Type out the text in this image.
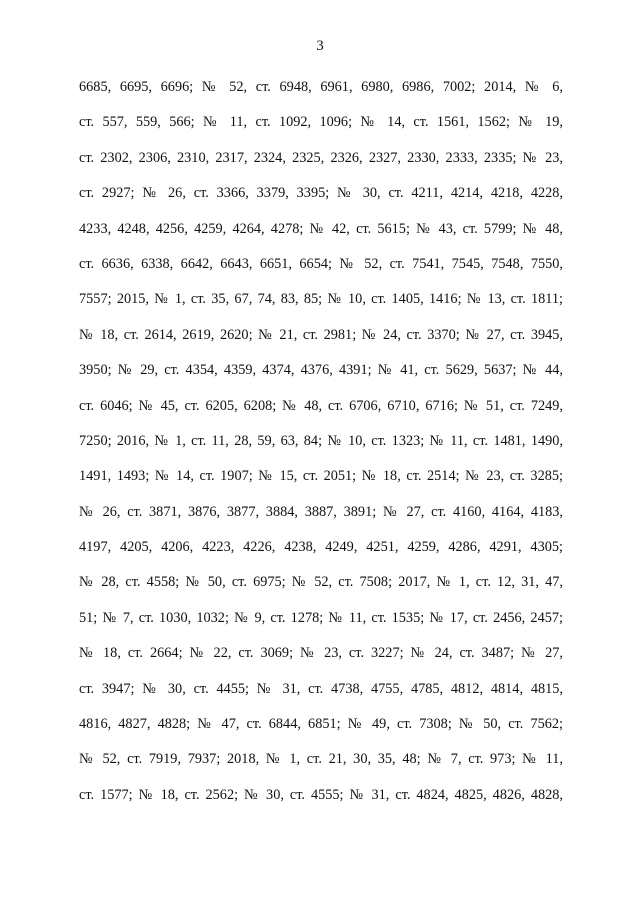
3
6685, 6695, 6696; № 52, ст. 6948, 6961, 6980, 6986, 7002; 2014, № 6,
ст. 557, 559, 566; № 11, ст. 1092, 1096; № 14, ст. 1561, 1562; № 19,
ст. 2302, 2306, 2310, 2317, 2324, 2325, 2326, 2327, 2330, 2333, 2335; № 23,
ст. 2927; № 26, ст. 3366, 3379, 3395; № 30, ст. 4211, 4214, 4218, 4228,
4233, 4248, 4256, 4259, 4264, 4278; № 42, ст. 5615; № 43, ст. 5799; № 48,
ст. 6636, 6338, 6642, 6643, 6651, 6654; № 52, ст. 7541, 7545, 7548, 7550,
7557; 2015, № 1, ст. 35, 67, 74, 83, 85; № 10, ст. 1405, 1416; № 13, ст. 1811;
№ 18, ст. 2614, 2619, 2620; № 21, ст. 2981; № 24, ст. 3370; № 27, ст. 3945,
3950; № 29, ст. 4354, 4359, 4374, 4376, 4391; № 41, ст. 5629, 5637; № 44,
ст. 6046; № 45, ст. 6205, 6208; № 48, ст. 6706, 6710, 6716; № 51, ст. 7249,
7250; 2016, № 1, ст. 11, 28, 59, 63, 84; № 10, ст. 1323; № 11, ст. 1481, 1490,
1491, 1493; № 14, ст. 1907; № 15, ст. 2051; № 18, ст. 2514; № 23, ст. 3285;
№ 26, ст. 3871, 3876, 3877, 3884, 3887, 3891; № 27, ст. 4160, 4164, 4183,
4197, 4205, 4206, 4223, 4226, 4238, 4249, 4251, 4259, 4286, 4291, 4305;
№ 28, ст. 4558; № 50, ст. 6975; № 52, ст. 7508; 2017, № 1, ст. 12, 31, 47,
51; № 7, ст. 1030, 1032; № 9, ст. 1278; № 11, ст. 1535; № 17, ст. 2456, 2457;
№ 18, ст. 2664; № 22, ст. 3069; № 23, ст. 3227; № 24, ст. 3487; № 27,
ст. 3947; № 30, ст. 4455; № 31, ст. 4738, 4755, 4785, 4812, 4814, 4815,
4816, 4827, 4828; № 47, ст. 6844, 6851; № 49, ст. 7308; № 50, ст. 7562;
№ 52, ст. 7919, 7937; 2018, № 1, ст. 21, 30, 35, 48; № 7, ст. 973; № 11,
ст. 1577; № 18, ст. 2562; № 30, ст. 4555; № 31, ст. 4824, 4825, 4826, 4828,
